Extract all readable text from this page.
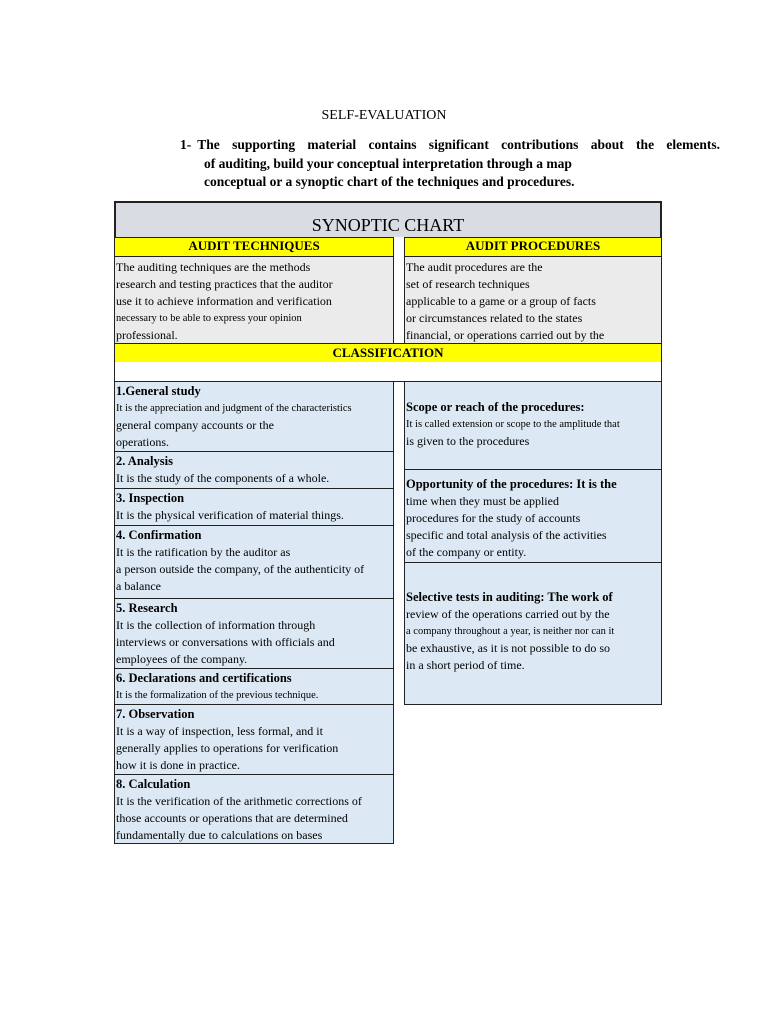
SELF-EVALUATION
1- The supporting material contains significant contributions about the elements.
of auditing, build your conceptual interpretation through a map
conceptual or a synoptic chart of the techniques and procedures.
SYNOPTIC CHART
AUDIT TECHNIQUES	AUDIT PROCEDURES
The auditing techniques are the methods
research and testing practices that the auditor
use it to achieve information and verification
necessary to be able to express your opinion
professional.
The audit procedures are the
set of research techniques
applicable to a game or a group of facts
or circumstances related to the states
financial, or operations carried out by the
CLASSIFICATION
1.General study
It is the appreciation and judgment of the characteristics
general company accounts or the
operations.
2. Analysis
It is the study of the components of a whole.
3. Inspection
It is the physical verification of material things.
4. Confirmation
It is the ratification by the auditor as
a person outside the company, of the authenticity of
a balance
5. Research
It is the collection of information through
interviews or conversations with officials and
employees of the company.
6. Declarations and certifications
It is the formalization of the previous technique.
7. Observation
It is a way of inspection, less formal, and it
generally applies to operations for verification
how it is done in practice.
8. Calculation
It is the verification of the arithmetic corrections of
those accounts or operations that are determined
fundamentally due to calculations on bases
Scope or reach of the procedures:
It is called extension or scope to the amplitude that
is given to the procedures
Opportunity of the procedures: It is the
time when they must be applied
procedures for the study of accounts
specific and total analysis of the activities
of the company or entity.
Selective tests in auditing: The work of
review of the operations carried out by the
a company throughout a year, is neither nor can it
be exhaustive, as it is not possible to do so
in a short period of time.
